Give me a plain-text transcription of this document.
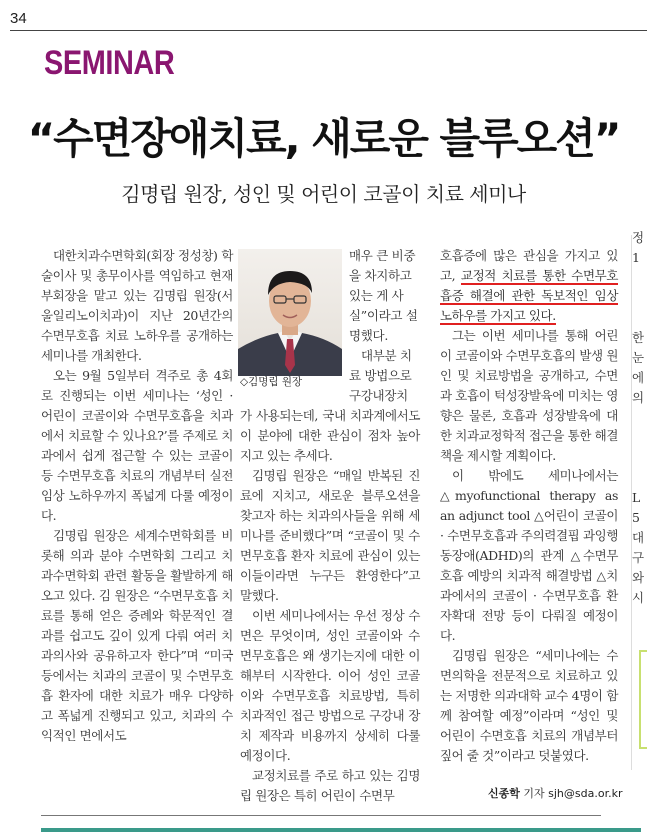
34
SEMINAR
“수면장애치료, 새로운 블루오션”
김명립 원장, 성인 및 어린이 코골이 치료 세미나

대한치과수면학회(회장 정성창) 학술이사 및 총무이사를 역임하고 현재 부회장을 맡고 있는 김명립 원장(서울일리노이치과)이 지난 20년간의 수면무호흡 치료 노하우를 공개하는 세미나를 개최한다.

오는 9월 5일부터 격주로 총 4회로 진행되는 이번 세미나는 ‘성인 · 어린이 코골이와 수면무호흡을 치과에서 치료할 수 있나요?’를 주제로 치과에서 쉽게 접근할 수 있는 코골이 등 수면무호흡 치료의 개념부터 실전 임상 노하우까지 폭넓게 다룰 예정이다.

김명립 원장은 세계수면학회를 비롯해 의과 분야 수면학회 그리고 치과수면학회 관련 활동을 활발하게 해오고 있다. 김 원장은 “수면무호흡 치료를 통해 얻은 증례와 학문적인 결과를 쉽고도 깊이 있게 다뤄 여러 치과의사와 공유하고자 한다”며 “미국 등에서는 치과의 코골이 및 수면무호흡 환자에 대한 치료가 매우 다양하고 폭넓게 진행되고 있고, 치과의 수익적인 면에서도

◇김명립 원장

매우 큰 비중을 차지하고 있는 게 사실”이라고 설명했다.

대부분 치료 방법으로 구강내장치

가 사용되는데, 국내 치과계에서도 이 분야에 대한 관심이 점차 높아지고 있는 추세다.

김명립 원장은 “매일 반복된 진료에 지치고, 새로운 블루오션을 찾고자 하는 치과의사들을 위해 세미나를 준비했다”며 “코골이 및 수면무호흡 환자 치료에 관심이 있는 이들이라면 누구든 환영한다”고 말했다.

이번 세미나에서는 우선 정상 수면은 무엇이며, 성인 코골이와 수면무호흡은 왜 생기는지에 대한 이해부터 시작한다. 이어 성인 코골이와 수면무호흡 치료방법, 특히 치과적인 접근 방법으로 구강내 장치 제작과 비용까지 상세히 다룰 예정이다.

교정치료를 주로 하고 있는 김명립 원장은 특히 어린이 수면무

호흡증에 많은 관심을 가지고 있고, 교정적 치료를 통한 수면무호흡증 해결에 관한 독보적인 임상 노하우를 가지고 있다.

그는 이번 세미나를 통해 어린이 코골이와 수면무호흡의 발생 원인 및 치료방법을 공개하고, 수면과 호흡이 턱성장발육에 미치는 영향은 물론, 호흡과 성장발육에 대한 치과교정학적 접근을 통한 해결책을 제시할 계획이다.

이 밖에도 세미나에서는 △myofunctional therapy as an adjunct tool △어린이 코골이 · 수면무호흡과 주의력결핍 과잉행동장애(ADHD)의 관계 △수면무호흡 예방의 치과적 해결방법 △치과에서의 코골이 · 수면무호흡 환자확대 전망 등이 다뤄질 예정이다.

김명립 원장은 “세미나에는 수면의학을 전문적으로 치료하고 있는 저명한 의과대학 교수 4명이 함께 참여할 예정”이라며 “성인 및 어린이 수면호흡 치료의 개념부터 짚어 줄 것”이라고 덧붙였다.

신종학 기자 sjh@sda.or.kr
정
1

한
눈
에
의

L
5
대
구
와
시
